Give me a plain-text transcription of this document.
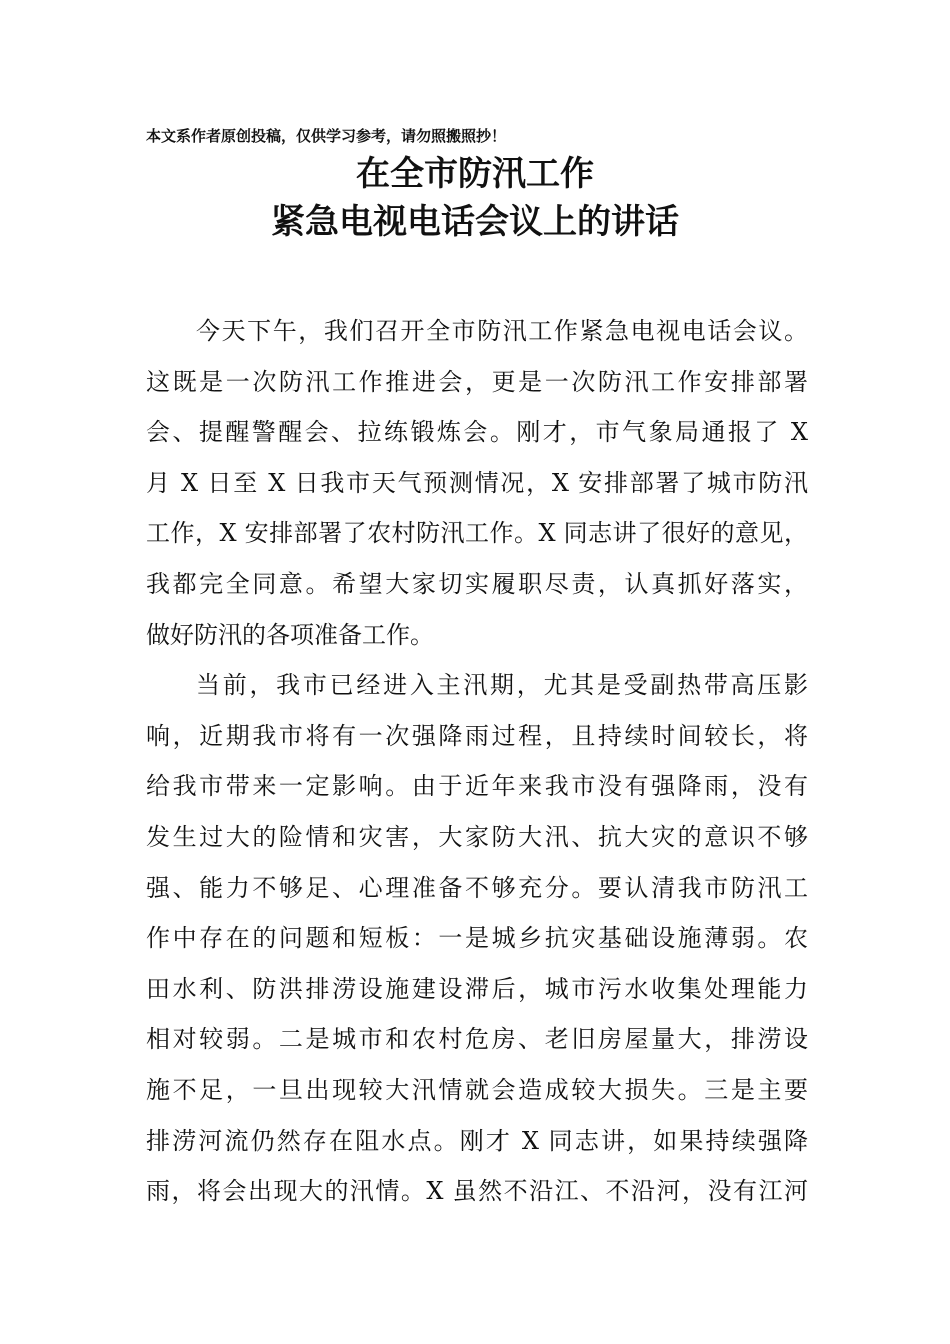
本文系作者原创投稿，仅供学习参考，请勿照搬照抄！
在全市防汛工作
紧急电视电话会议上的讲话
今天下午，我们召开全市防汛工作紧急电视电话会议。
这既是一次防汛工作推进会，更是一次防汛工作安排部署
会、提醒警醒会、拉练锻炼会。刚才，市气象局通报了 X
月 X 日至 X 日我市天气预测情况，X 安排部署了城市防汛
工作，X 安排部署了农村防汛工作。X 同志讲了很好的意见，
我都完全同意。希望大家切实履职尽责，认真抓好落实，
做好防汛的各项准备工作。
当前，我市已经进入主汛期，尤其是受副热带高压影
响，近期我市将有一次强降雨过程，且持续时间较长，将
给我市带来一定影响。由于近年来我市没有强降雨，没有
发生过大的险情和灾害，大家防大汛、抗大灾的意识不够
强、能力不够足、心理准备不够充分。要认清我市防汛工
作中存在的问题和短板：一是城乡抗灾基础设施薄弱。农
田水利、防洪排涝设施建设滞后，城市污水收集处理能力
相对较弱。二是城市和农村危房、老旧房屋量大，排涝设
施不足，一旦出现较大汛情就会造成较大损失。三是主要
排涝河流仍然存在阻水点。刚才 X 同志讲，如果持续强降
雨，将会出现大的汛情。X 虽然不沿江、不沿河，没有江河
